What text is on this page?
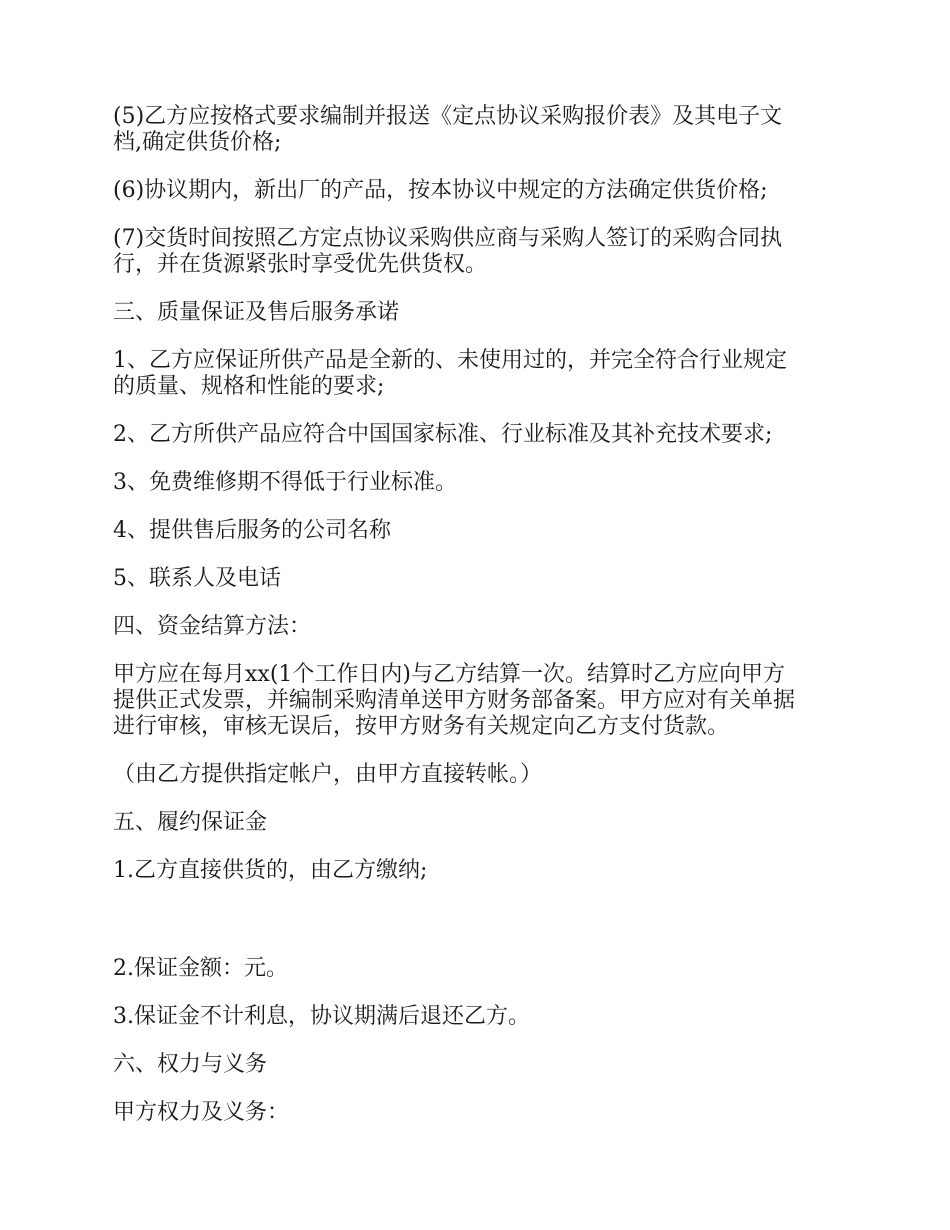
(5)乙方应按格式要求编制并报送《定点协议采购报价表》及其电子文
档,确定供货价格;

(6)协议期内，新出厂的产品，按本协议中规定的方法确定供货价格;

(7)交货时间按照乙方定点协议采购供应商与采购人签订的采购合同执
行，并在货源紧张时享受优先供货权。

三、质量保证及售后服务承诺

1、乙方应保证所供产品是全新的、未使用过的，并完全符合行业规定
的质量、规格和性能的要求;

2、乙方所供产品应符合中国国家标准、行业标准及其补充技术要求;

3、免费维修期不得低于行业标准。

4、提供售后服务的公司名称

5、联系人及电话

四、资金结算方法：

甲方应在每月xx(1个工作日内)与乙方结算一次。结算时乙方应向甲方
提供正式发票，并编制采购清单送甲方财务部备案。甲方应对有关单据
进行审核，审核无误后，按甲方财务有关规定向乙方支付货款。

（由乙方提供指定帐户，由甲方直接转帐。）

五、履约保证金

1.乙方直接供货的，由乙方缴纳;

2.保证金额：元。

3.保证金不计利息，协议期满后退还乙方。

六、权力与义务

甲方权力及义务：
